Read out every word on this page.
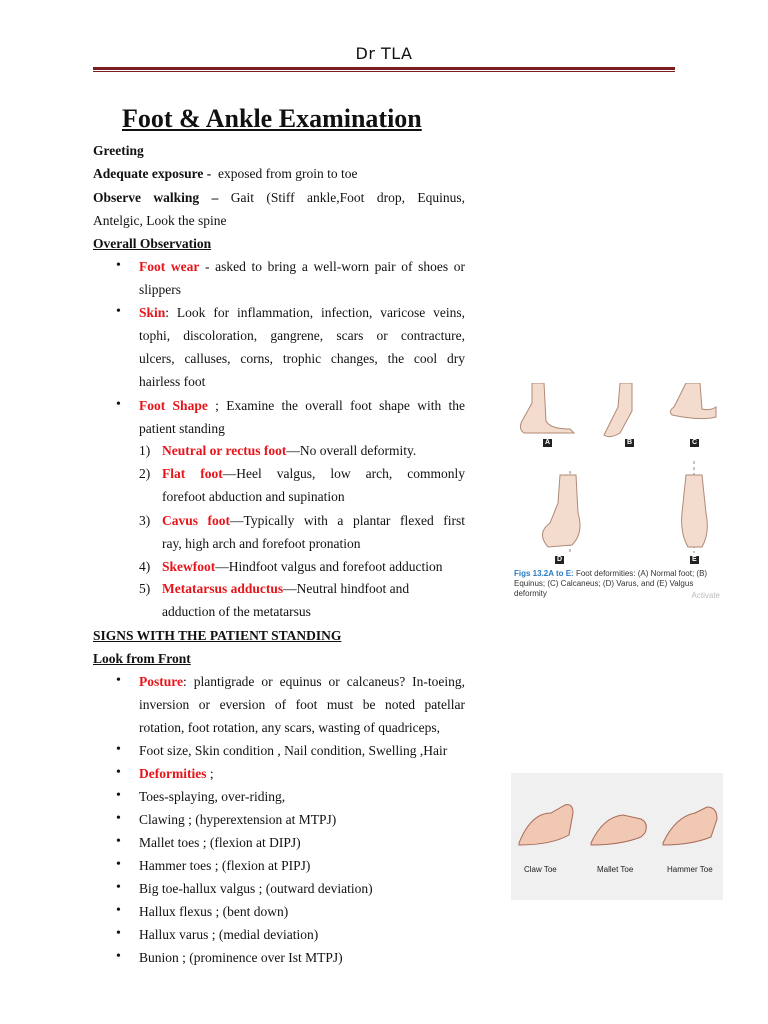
Dr TLA
Foot & Ankle Examination
Greeting
Adequate exposure - exposed from groin to toe
Observe walking – Gait (Stiff ankle,Foot drop, Equinus,
Antelgic, Look the spine
Overall Observation
• Foot wear - asked to bring a well-worn pair of shoes or
slippers
• Skin: Look for inflammation, infection, varicose veins,
tophi, discoloration, gangrene, scars or contracture,
ulcers, calluses, corns, trophic changes, the cool dry
hairless foot
• Foot Shape ; Examine the overall foot shape with the
patient standing
1) Neutral or rectus foot—No overall deformity.
2) Flat foot—Heel valgus, low arch, commonly
forefoot abduction and supination
3) Cavus foot—Typically with a plantar flexed first
ray, high arch and forefoot pronation
4) Skewfoot—Hindfoot valgus and forefoot adduction
5) Metatarsus adductus—Neutral hindfoot and
adduction of the metatarsus
SIGNS WITH THE PATIENT STANDING
Look from Front
• Posture: plantigrade or equinus or calcaneus? In-toeing,
inversion or eversion of foot must be noted patellar
rotation, foot rotation, any scars, wasting of quadriceps,
• Foot size, Skin condition , Nail condition, Swelling ,Hair
• Deformities ;
• Toes-splaying, over-riding,
• Clawing ; (hyperextension at MTPJ)
• Mallet toes ; (flexion at DIPJ)
• Hammer toes ; (flexion at PIPJ)
• Big toe-hallux valgus ; (outward deviation)
• Hallux flexus ; (bent down)
• Hallux varus ; (medial deviation)
• Bunion ; (prominence over Ist MTPJ)
A	B	C
D	E
Figs 13.2A to E: Foot deformities: (A) Normal foot; (B) Equinus; (C) Calcaneus; (D) Varus, and (E) Valgus deformity	Activate
Claw Toe	Mallet Toe	Hammer Toe
